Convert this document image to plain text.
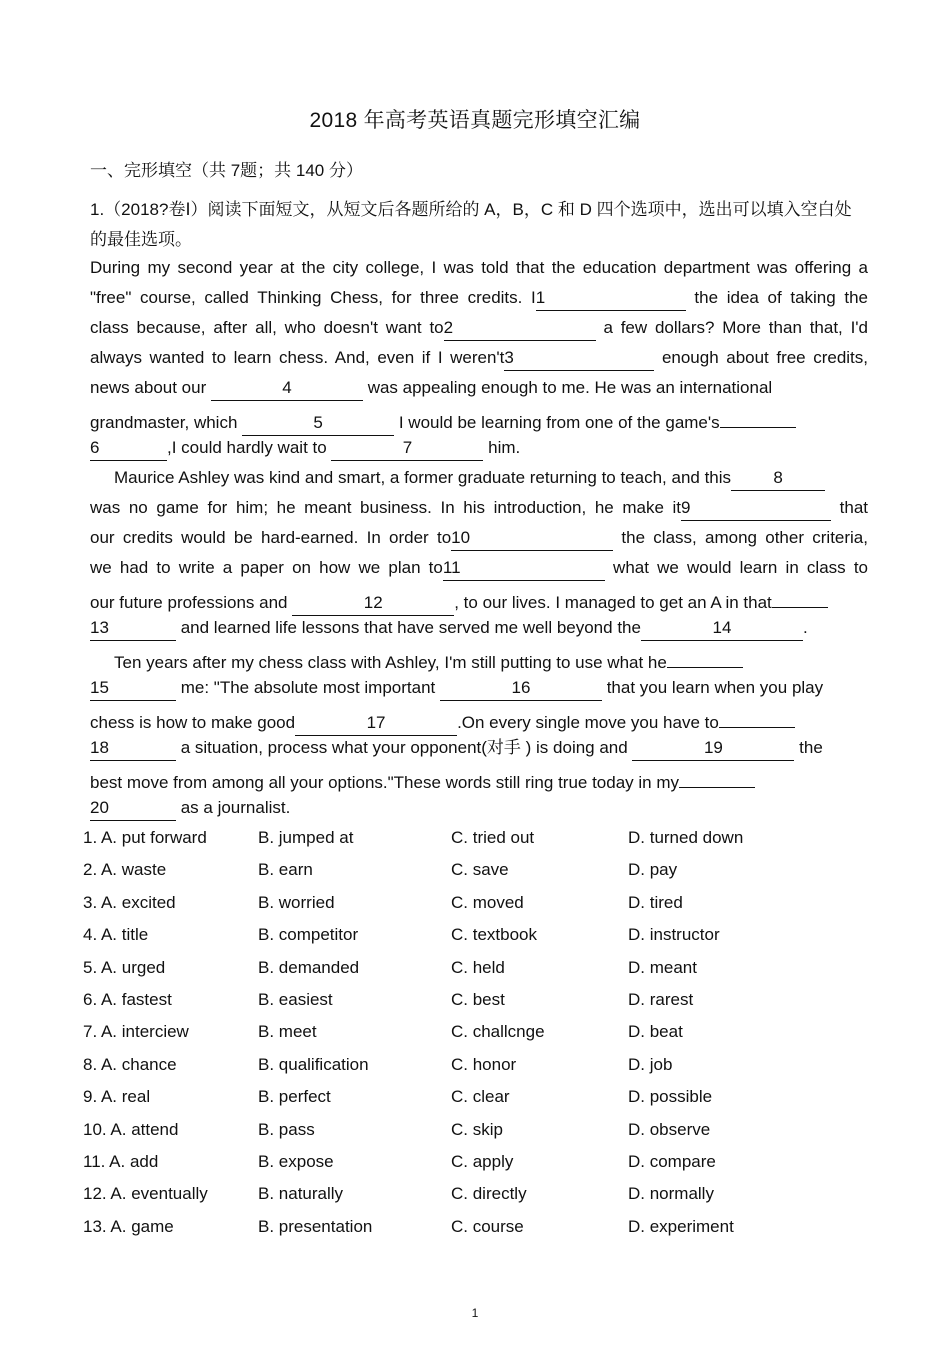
2018 年高考英语真题完形填空汇编
一、完形填空（共 7题；共 140 分）
1.（2018?卷Ⅰ）阅读下面短文，从短文后各题所给的 A，B，C 和 D 四个选项中，选出可以填入空白处的最佳选项。
During my second year at the city college, I was told that the education department was offering a
"free" course, called Thinking Chess, for three credits. I1	the idea of taking the
class because, after all, who doesn't want to2	a few dollars? More than that, I'd
always wanted to learn chess. And, even if I weren't3	enough about free credits,
news about our	4	was appealing enough to me. He was an international
grandmaster, which	5	I would be learning from one of the game's
6	,I could hardly wait to	7	him.
Maurice Ashley was kind and smart, a former graduate returning to teach, and this 8
was no game for him; he meant business. In his introduction, he make it9	that
our credits would be hard-earned. In order to10	the class, among other criteria,
we had to write a paper on how we plan to11	what we would learn in class to
our future professions and	12	, to our lives. I managed to get an A in that
13	and learned life lessons that have served me well beyond the	14	.
Ten years after my chess class with Ashley, I'm still putting to use what he
15	me: "The absolute most important	16	that you learn when you play
chess is how to make good	17	.On every single move you have to
18	a situation, process what your opponent(对手 ) is doing and	19	the
best move from among all your options."These words still ring true today in my
20	as a journalist.
1. A. put forward	B. jumped at	C. tried out	D. turned down
2. A. waste	B. earn	C. save	D. pay
3. A. excited	B. worried	C. moved	D. tired
4. A. title	B. competitor	C. textbook	D. instructor
5. A. urged	B. demanded	C. held	D. meant
6. A. fastest	B. easiest	C. best	D. rarest
7. A. interciew	B. meet	C. challcnge	D. beat
8. A. chance	B. qualification	C. honor	D. job
9. A. real	B. perfect	C. clear	D. possible
10. A. attend	B. pass	C. skip	D. observe
11. A. add	B. expose	C. apply	D. compare
12. A. eventually	B. naturally	C. directly	D. normally
13. A. game	B. presentation	C. course	D. experiment
1
